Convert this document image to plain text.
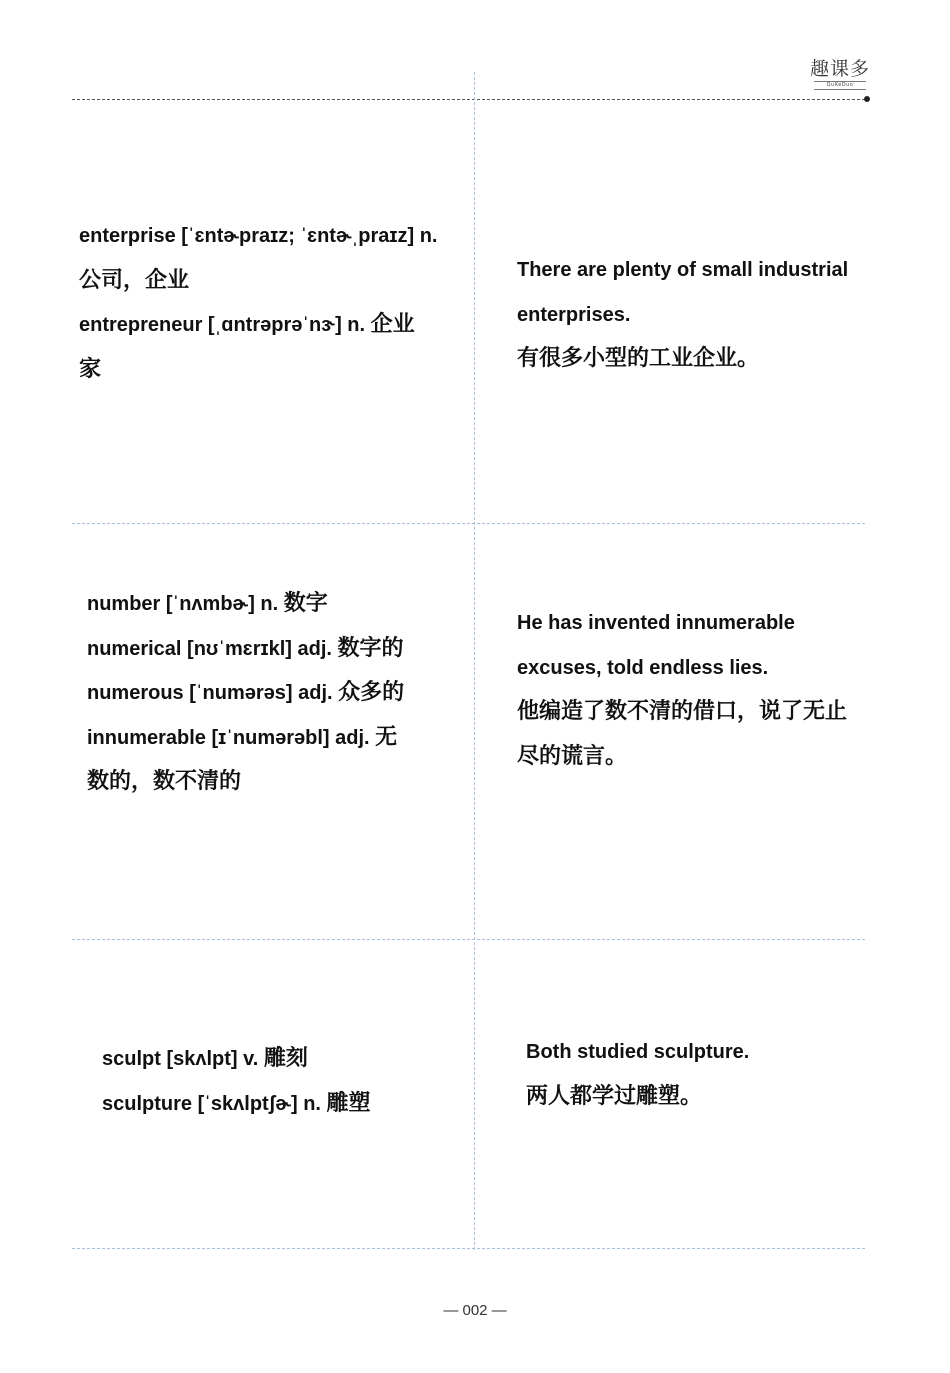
趣课多
QuKeDuo
enterprise [ˈɛntɚpraɪz; ˈɛntɚˌpraɪz] n.
公司，企业
entrepreneur [ˌɑntrəprəˈnɝ] n. 企业
家
There are plenty of small industrial
enterprises.
有很多小型的工业企业。
number [ˈnʌmbɚ] n. 数字
numerical [nʊˈmɛrɪkl] adj. 数字的
numerous [ˈnumərəs] adj. 众多的
innumerable [ɪˈnumərəbl] adj. 无
数的，数不清的
He has invented innumerable
excuses, told endless lies.
他编造了数不清的借口，说了无止
尽的谎言。
sculpt [skʌlpt] v. 雕刻
sculpture [ˈskʌlptʃɚ] n. 雕塑
Both studied sculpture.
两人都学过雕塑。
— 002 —
